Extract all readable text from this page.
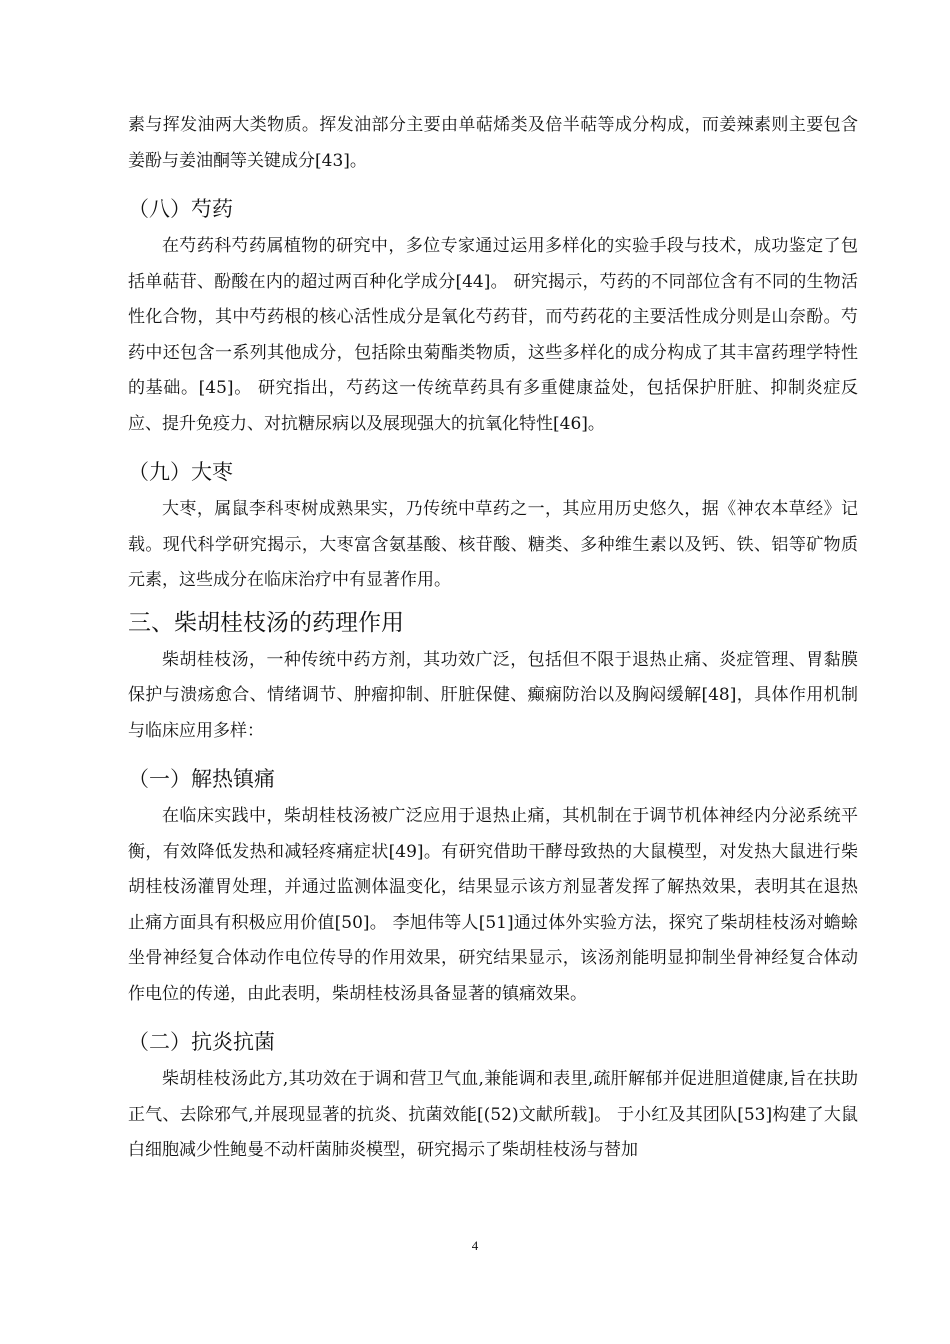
素与挥发油两大类物质。挥发油部分主要由单萜烯类及倍半萜等成分构成，而姜辣素则主要包含姜酚与姜油酮等关键成分[43]。

（八）芍药

在芍药科芍药属植物的研究中，多位专家通过运用多样化的实验手段与技术，成功鉴定了包括单萜苷、酚酸在内的超过两百种化学成分[44]。 研究揭示，芍药的不同部位含有不同的生物活性化合物，其中芍药根的核心活性成分是氧化芍药苷，而芍药花的主要活性成分则是山奈酚。芍药中还包含一系列其他成分，包括除虫菊酯类物质，这些多样化的成分构成了其丰富药理学特性的基础。[45]。 研究指出，芍药这一传统草药具有多重健康益处，包括保护肝脏、抑制炎症反应、提升免疫力、对抗糖尿病以及展现强大的抗氧化特性[46]。

（九）大枣

大枣，属鼠李科枣树成熟果实，乃传统中草药之一，其应用历史悠久，据《神农本草经》记载。现代科学研究揭示，大枣富含氨基酸、核苷酸、糖类、多种维生素以及钙、铁、铝等矿物质元素，这些成分在临床治疗中有显著作用。

三、柴胡桂枝汤的药理作用

柴胡桂枝汤，一种传统中药方剂，其功效广泛，包括但不限于退热止痛、炎症管理、胃黏膜保护与溃疡愈合、情绪调节、肿瘤抑制、肝脏保健、癫痫防治以及胸闷缓解[48]，具体作用机制与临床应用多样：

（一）解热镇痛

在临床实践中，柴胡桂枝汤被广泛应用于退热止痛，其机制在于调节机体神经内分泌系统平衡，有效降低发热和减轻疼痛症状[49]。有研究借助干酵母致热的大鼠模型，对发热大鼠进行柴胡桂枝汤灌胃处理，并通过监测体温变化，结果显示该方剂显著发挥了解热效果，表明其在退热止痛方面具有积极应用价值[50]。 李旭伟等人[51]通过体外实验方法，探究了柴胡桂枝汤对蟾蜍坐骨神经复合体动作电位传导的作用效果，研究结果显示，该汤剂能明显抑制坐骨神经复合体动作电位的传递，由此表明，柴胡桂枝汤具备显著的镇痛效果。

（二）抗炎抗菌

柴胡桂枝汤此方,其功效在于调和营卫气血,兼能调和表里,疏肝解郁并促进胆道健康,旨在扶助正气、去除邪气,并展现显著的抗炎、抗菌效能[(52)文献所载]。 于小红及其团队[53]构建了大鼠白细胞减少性鲍曼不动杆菌肺炎模型，研究揭示了柴胡桂枝汤与替加

4
